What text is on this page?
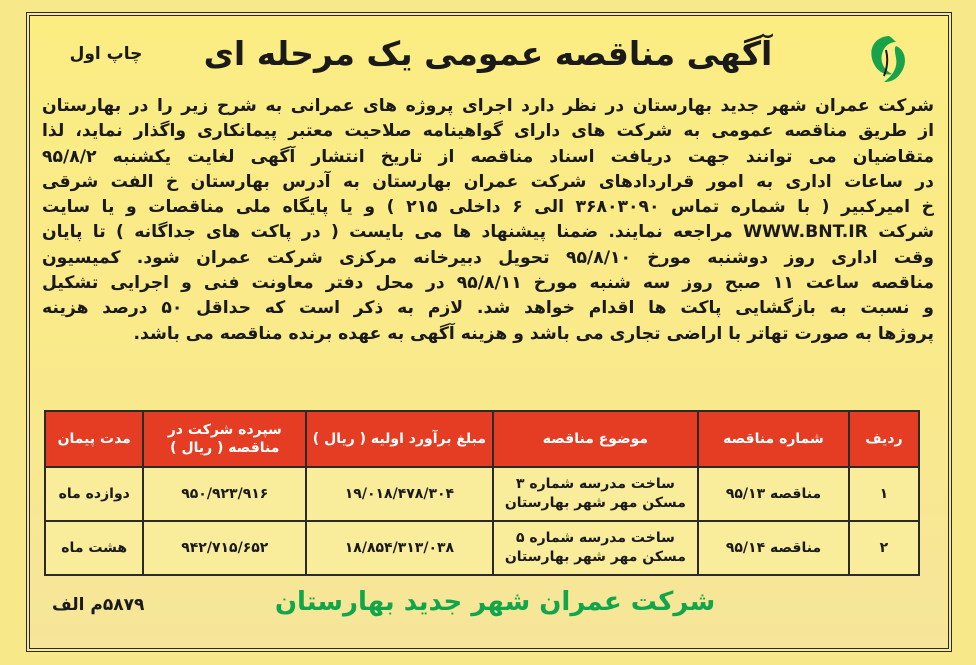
آگهی مناقصه عمومی یک مرحله ای
چاپ اول
شرکت عمران شهر جدید بهارستان در نظر دارد اجرای پروژه های عمرانی به شرح زیر را در بهارستان
از طریق مناقصه عمومی به شرکت های دارای گواهینامه صلاحیت معتبر پیمانکاری واگذار نماید، لذا
متقاضیان می توانند جهت دریافت اسناد مناقصه از تاریخ انتشار آگهی لغایت یکشنبه ۹۵/۸/۲
در ساعات اداری به امور قراردادهای شرکت عمران بهارستان به آدرس بهارستان خ الفت شرقی
خ امیرکبیر ( با شماره تماس ۳۶۸۰۳۰۹۰ الی ۶ داخلی ۲۱۵ ) و یا پایگاه ملی مناقصات و یا سایت
شرکت WWW.BNT.IR مراجعه نمایند. ضمنا پیشنهاد ها می بایست ( در پاکت های جداگانه ) تا پایان
وقت اداری روز دوشنبه مورخ ۹۵/۸/۱۰ تحویل دبیرخانه مرکزی شرکت عمران شود. کمیسیون
مناقصه ساعت ۱۱ صبح روز سه شنبه مورخ ۹۵/۸/۱۱ در محل دفتر معاونت فنی و اجرایی تشکیل
و نسبت به بازگشایی پاکت ها اقدام خواهد شد. لازم به ذکر است که حداقل ۵۰ درصد هزینه
پروژها به صورت تهاتر با اراضی تجاری می باشد و هزینه آگهی به عهده برنده مناقصه می باشد.
ردیف	شماره مناقصه	موضوع مناقصه	مبلغ برآورد اولیه ( ریال )	سپرده شرکت در مناقصه ( ریال )	مدت پیمان
۱	مناقصه ۹۵/۱۳	ساخت مدرسه شماره ۳ مسکن مهر شهر بهارستان	۱۹/۰۱۸/۴۷۸/۳۰۴	۹۵۰/۹۲۳/۹۱۶	دوازده ماه
۲	مناقصه ۹۵/۱۴	ساخت مدرسه شماره ۵ مسکن مهر شهر بهارستان	۱۸/۸۵۴/۳۱۳/۰۳۸	۹۴۲/۷۱۵/۶۵۲	هشت ماه
شرکت عمران شهر جدید بهارستان
۵۸۷۹م الف
